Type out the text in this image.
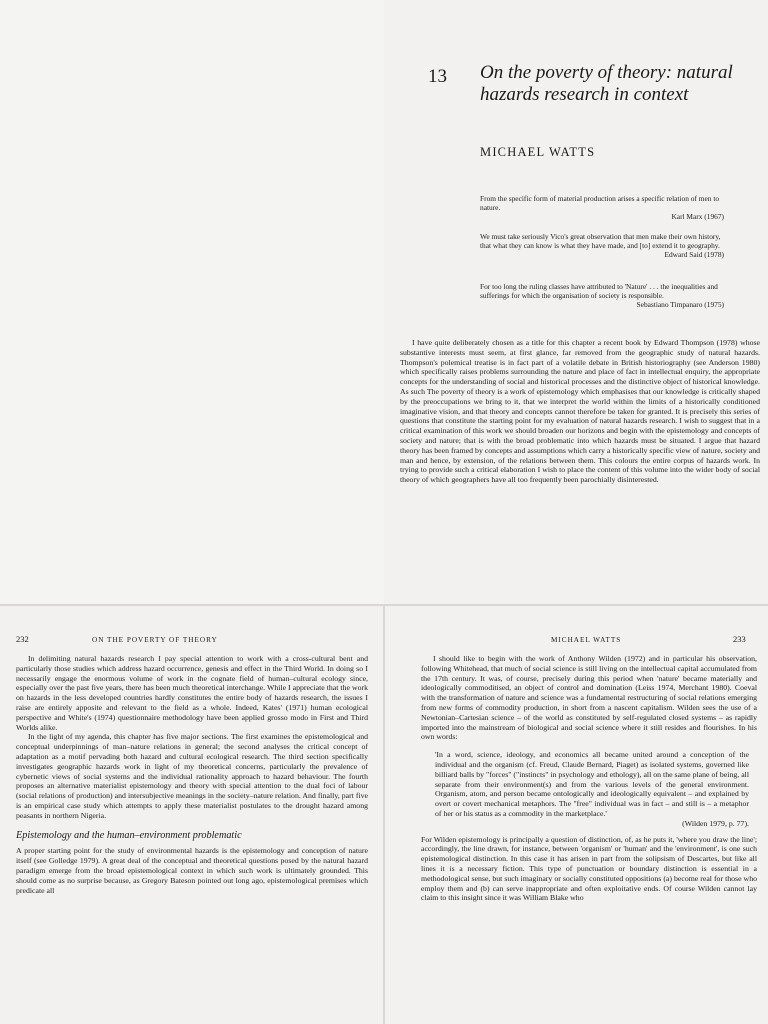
13 On the poverty of theory: natural hazards research in context
MICHAEL WATTS

From the specific form of material production arises a specific relation of men to nature.

Karl Marx (1967)

We must take seriously Vico's great observation that men make their own history, that what they can know is what they have made, and [to] extend it to geography.

Edward Said (1978)

For too long the ruling classes have attributed to 'Nature' . . . the inequalities and sufferings for which the organisation of society is responsible.

Sebastiano Timpanaro (1975)

I have quite deliberately chosen as a title for this chapter a recent book by Edward Thompson (1978) whose substantive interests must seem, at first glance, far removed from the geographic study of natural hazards. Thompson's polemical treatise is in fact part of a volatile debate in British historiography (see Anderson 1980) which specifically raises problems surrounding the nature and place of fact in intellectual enquiry, the appropriate concepts for the understanding of social and historical processes and the distinctive object of historical knowledge. As such The poverty of theory is a work of epistemology which emphasises that our knowledge is critically shaped by the preoccupations we bring to it, that we interpret the world within the limits of a historically conditioned imaginative vision, and that theory and concepts cannot therefore be taken for granted. It is precisely this series of questions that constitute the starting point for my evaluation of natural hazards research. I wish to suggest that in a critical examination of this work we should broaden our horizons and begin with the epistemology and concepts of society and nature; that is with the broad problematic into which hazards must be situated. I argue that hazard theory has been framed by concepts and assumptions which carry a historically specific view of nature, society and man and hence, by extension, of the relations between them. This colours the entire corpus of hazards work. In trying to provide such a critical elaboration I wish to place the content of this volume into the wider body of social theory of which geographers have all too frequently been parochially disinterested.

232	ON THE POVERTY OF THEORY

In delimiting natural hazards research I pay special attention to work with a cross-cultural bent and particularly those studies which address hazard occurrence, genesis and effect in the Third World. In doing so I necessarily engage the enormous volume of work in the cognate field of human–cultural ecology since, especially over the past five years, there has been much theoretical interchange. While I appreciate that the work on hazards in the less developed countries hardly constitutes the entire body of hazards research, the issues I raise are entirely apposite and relevant to the field as a whole. Indeed, Kates' (1971) human ecological perspective and White's (1974) questionnaire methodology have been applied grosso modo in First and Third Worlds alike.

In the light of my agenda, this chapter has five major sections. The first examines the epistemological and conceptual underpinnings of man–nature relations in general; the second analyses the critical concept of adaptation as a motif pervading both hazard and cultural ecological research. The third section specifically investigates geographic hazards work in light of my theoretical concerns, particularly the prevalence of cybernetic views of social systems and the individual rationality approach to hazard behaviour. The fourth proposes an alternative materialist epistemology and theory with special attention to the dual foci of labour (social relations of production) and intersubjective meanings in the society–nature relation. And finally, part five is an empirical case study which attempts to apply these materialist postulates to the drought hazard among peasants in northern Nigeria.

Epistemology and the human–environment problematic

A proper starting point for the study of environmental hazards is the epistemology and conception of nature itself (see Golledge 1979). A great deal of the conceptual and theoretical questions posed by the natural hazard paradigm emerge from the broad epistemological context in which such work is ultimately grounded. This should come as no surprise because, as Gregory Bateson pointed out long ago, epistemological premises which predicate all

MICHAEL WATTS	233

I should like to begin with the work of Anthony Wilden (1972) and in particular his observation, following Whitehead, that much of social science is still living on the intellectual capital accumulated from the 17th century. It was, of course, precisely during this period when 'nature' became materially and ideologically commoditised, an object of control and domination (Leiss 1974, Merchant 1980). Coeval with the transformation of nature and science was a fundamental restructuring of social relations emerging from new forms of commodity production, in short from a nascent capitalism. Wilden sees the use of a Newtonian–Cartesian science – of the world as constituted by self-regulated closed systems – as rapidly imported into the mainstream of biological and social science where it still resides and flourishes. In his own words:

'In a word, science, ideology, and economics all became united around a conception of the individual and the organism (cf. Freud, Claude Bernard, Piaget) as isolated systems, governed like billiard balls by "forces" ("instincts" in psychology and ethology), all on the same plane of being, all separate from their environment(s) and from the various levels of the general environment. Organism, atom, and person became ontologically and ideologically equivalent – and explained by overt or covert mechanical metaphors. The "free" individual was in fact – and still is – a metaphor of her or his status as a commodity in the marketplace.'

(Wilden 1979, p. 77).

For Wilden epistemology is principally a question of distinction, of, as he puts it, 'where you draw the line'; accordingly, the line drawn, for instance, between 'organism' or 'human' and the 'environment', is one such epistemological distinction. In this case it has arisen in part from the solipsism of Descartes, but like all lines it is a necessary fiction. This type of punctuation or boundary distinction is essential in a methodological sense, but such imaginary or socially constituted oppositions (a) become real for those who employ them and (b) can serve inappropriate and often exploitative ends. Of course Wilden cannot lay claim to this insight since it was William Blake who
